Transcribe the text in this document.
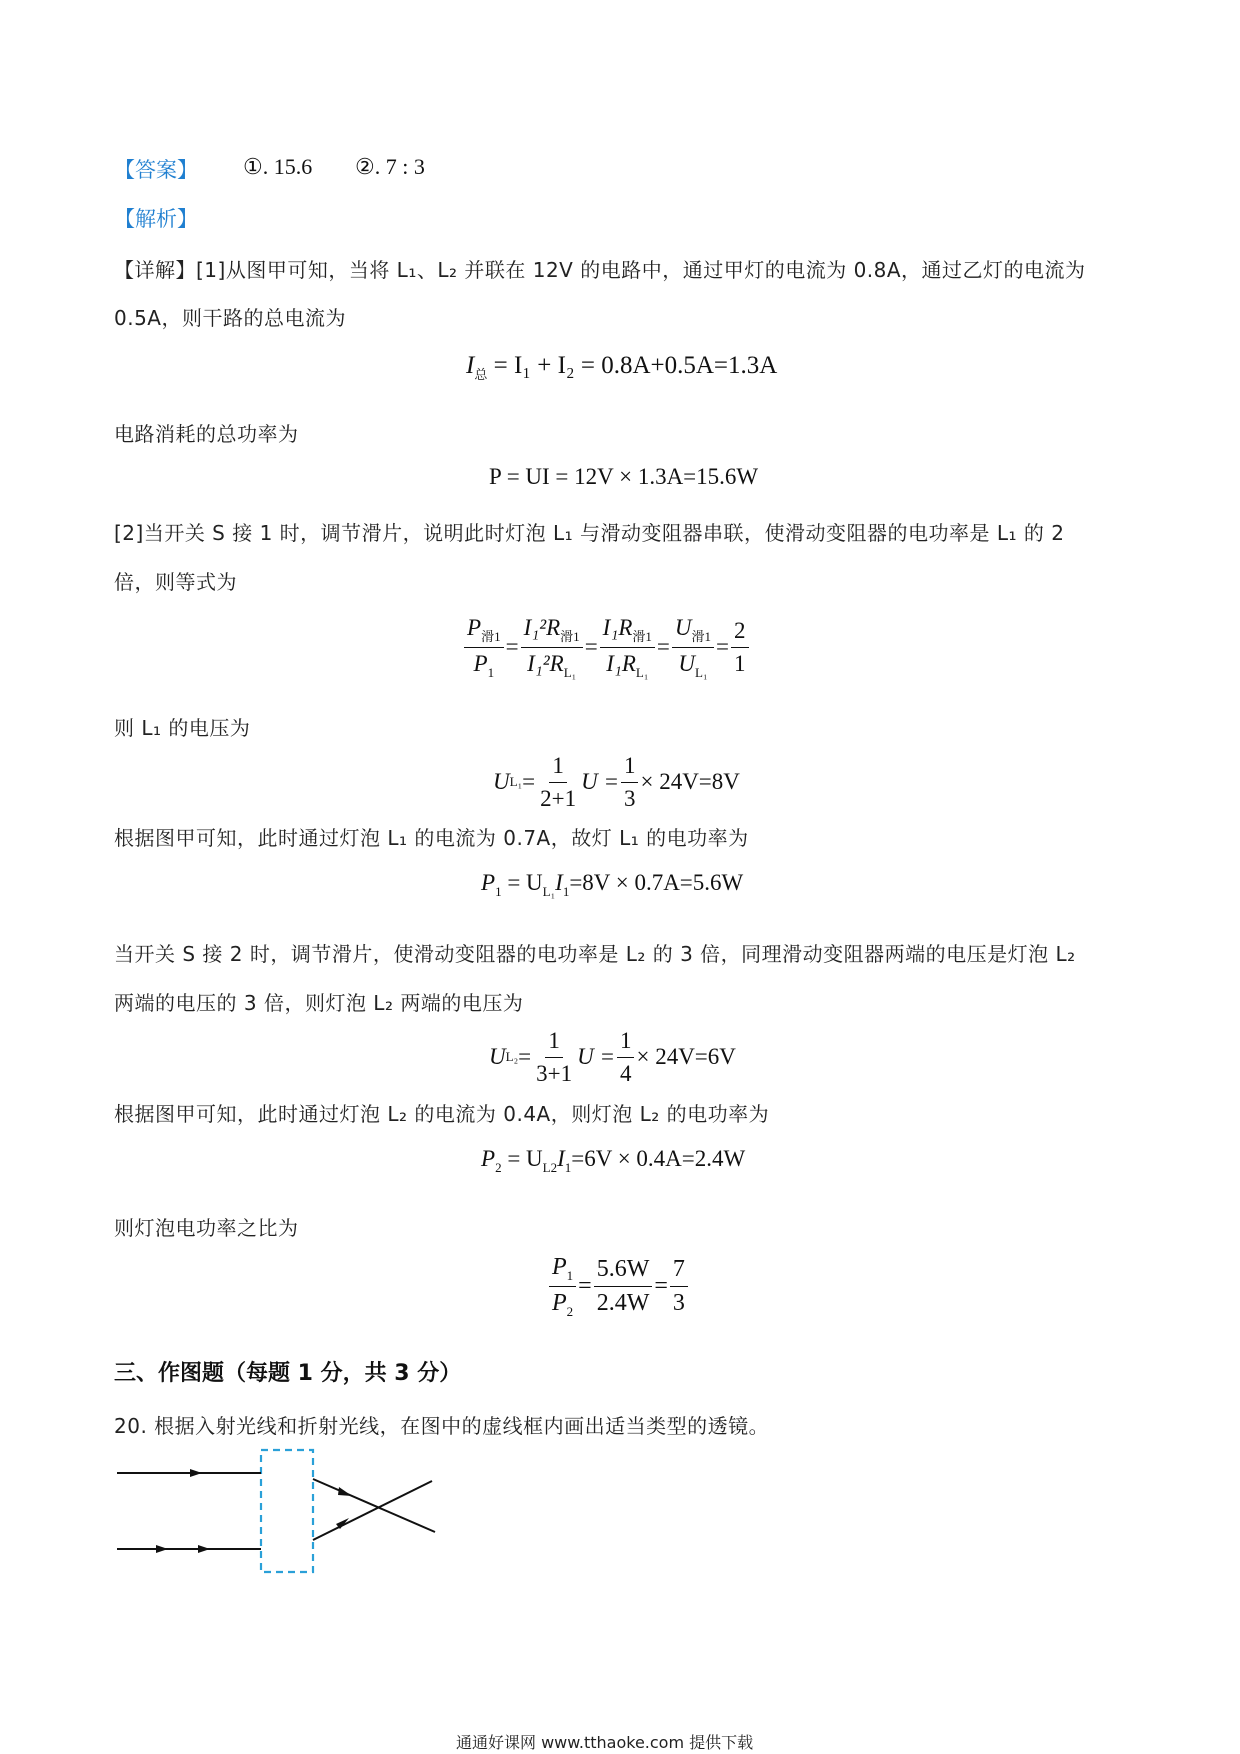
【答案】 ①. 15.6 ②. 7 : 3
【解析】
【详解】[1]从图甲可知，当将 L₁、L₂ 并联在 12V 的电路中，通过甲灯的电流为 0.8A，通过乙灯的电流为
0.5A，则干路的总电流为
$I_总 = I_1 + I_2 = 0.8A+0.5A=1.3A$
电路消耗的总功率为
P = UI = 12V × 1.3A=15.6W
[2]当开关 S 接 1 时，调节滑片，说明此时灯泡 L₁ 与滑动变阻器串联，使滑动变阻器的电功率是 L₁ 的 2
倍，则等式为
$\frac{P_{滑1}}{P_1} = \frac{I_1^2R_{滑1}}{I_1^2R_{L_1}} = \frac{I_1R_{滑1}}{I_1R_{L_1}} = \frac{U_{滑1}}{U_{L_1}} = \frac{2}{1}$
则 L₁ 的电压为
U $L_1 = \frac{1}{2+1}$ $U = \frac{1}{3} \times 24V=8V$
根据图甲可知，此时通过灯泡 L₁ 的电流为 0.7A，故灯 L₁ 的电功率为
$P_1 = U_{L_1}I_1=8V \times 0.7A=5.6W$
当开关 S 接 2 时，调节滑片，使滑动变阻器的电功率是 L₂ 的 3 倍，同理滑动变阻器两端的电压是灯泡 L₂
两端的电压的 3 倍，则灯泡 L₂ 两端的电压为
U $L_2 = \frac{1}{3+1}$ $U = \frac{1}{4} \times 24V=6V$
根据图甲可知，此时通过灯泡 L₂ 的电流为 0.4A，则灯泡 L₂ 的电功率为
$P_2 = U_{L2}I_1=6V \times 0.4A=2.4W$
则灯泡电功率之比为
$\frac{P_1}{P_2} = \frac{5.6W}{2.4W} = \frac{7}{3}$
三、作图题（每题 1 分，共 3 分）
20. 根据入射光线和折射光线，在图中的虚线框内画出适当类型的透镜。
通通好课网 www.tthaoke.com 提供下载
